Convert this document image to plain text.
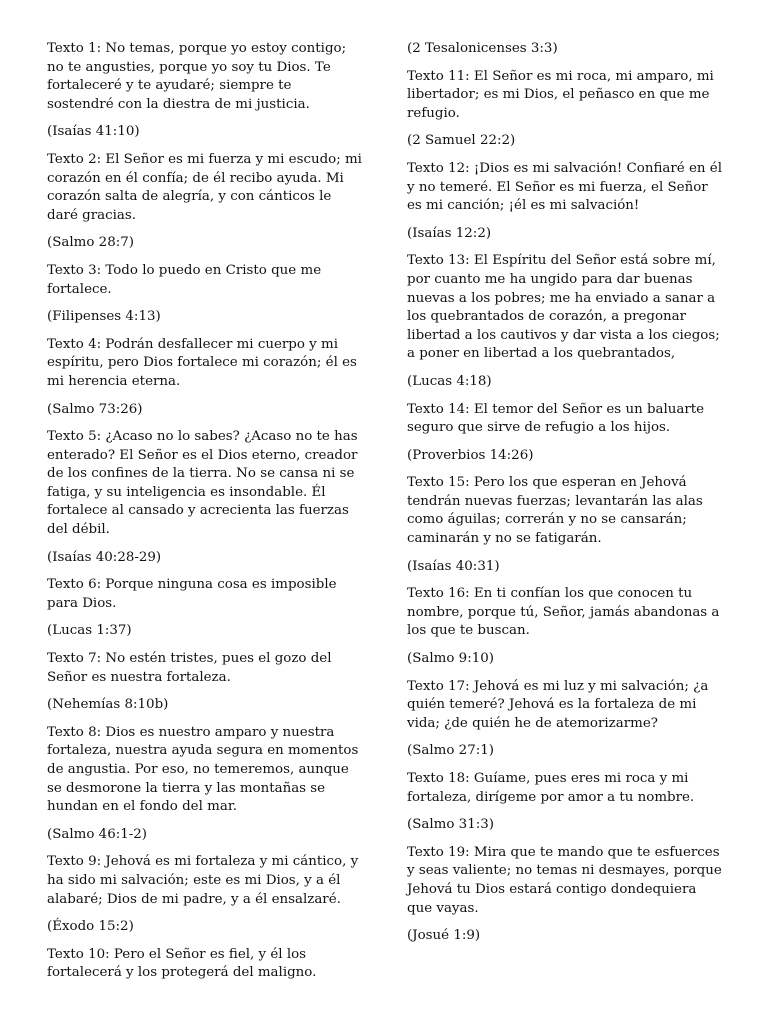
Texto 1: No temas, porque yo estoy contigo; no te angusties, porque yo soy tu Dios. Te fortaleceré y te ayudaré; siempre te sostendré con la diestra de mi justicia.

(Isaías 41:10)

Texto 2: El Señor es mi fuerza y mi escudo; mi corazón en él confía; de él recibo ayuda. Mi corazón salta de alegría, y con cánticos le daré gracias.

(Salmo 28:7)

Texto 3: Todo lo puedo en Cristo que me fortalece.

(Filipenses 4:13)

Texto 4: Podrán desfallecer mi cuerpo y mi espíritu, pero Dios fortalece mi corazón; él es mi herencia eterna.

(Salmo 73:26)

Texto 5: ¿Acaso no lo sabes? ¿Acaso no te has enterado? El Señor es el Dios eterno, creador de los confines de la tierra. No se cansa ni se fatiga, y su inteligencia es insondable. Él fortalece al cansado y acrecienta las fuerzas del débil.

(Isaías 40:28-29)

Texto 6: Porque ninguna cosa es imposible para Dios.

(Lucas 1:37)

Texto 7: No estén tristes, pues el gozo del Señor es nuestra fortaleza.

(Nehemías 8:10b)

Texto 8: Dios es nuestro amparo y nuestra fortaleza, nuestra ayuda segura en momentos de angustia. Por eso, no temeremos, aunque se desmorone la tierra y las montañas se hundan en el fondo del mar.

(Salmo 46:1-2)

Texto 9: Jehová es mi fortaleza y mi cántico, y ha sido mi salvación; este es mi Dios, y a él alabaré; Dios de mi padre, y a él ensalzaré.

(Éxodo 15:2)

Texto 10: Pero el Señor es fiel, y él los fortalecerá y los protegerá del maligno.

(2 Tesalonicenses 3:3)

Texto 11: El Señor es mi roca, mi amparo, mi libertador; es mi Dios, el peñasco en que me refugio.

(2 Samuel 22:2)

Texto 12: ¡Dios es mi salvación! Confiaré en él y no temeré. El Señor es mi fuerza, el Señor es mi canción; ¡él es mi salvación!

(Isaías 12:2)

Texto 13: El Espíritu del Señor está sobre mí, por cuanto me ha ungido para dar buenas nuevas a los pobres; me ha enviado a sanar a los quebrantados de corazón, a pregonar libertad a los cautivos y dar vista a los ciegos; a poner en libertad a los quebrantados,

(Lucas 4:18)

Texto 14: El temor del Señor es un baluarte seguro que sirve de refugio a los hijos.

(Proverbios 14:26)

Texto 15: Pero los que esperan en Jehová tendrán nuevas fuerzas; levantarán las alas como águilas; correrán y no se cansarán; caminarán y no se fatigarán.

(Isaías 40:31)

Texto 16: En ti confían los que conocen tu nombre, porque tú, Señor, jamás abandonas a los que te buscan.

(Salmo 9:10)

Texto 17: Jehová es mi luz y mi salvación; ¿a quién temeré? Jehová es la fortaleza de mi vida; ¿de quién he de atemorizarme?

(Salmo 27:1)

Texto 18: Guíame, pues eres mi roca y mi fortaleza, dirígeme por amor a tu nombre.

(Salmo 31:3)

Texto 19: Mira que te mando que te esfuerces y seas valiente; no temas ni desmayes, porque Jehová tu Dios estará contigo dondequiera que vayas.

(Josué 1:9)
